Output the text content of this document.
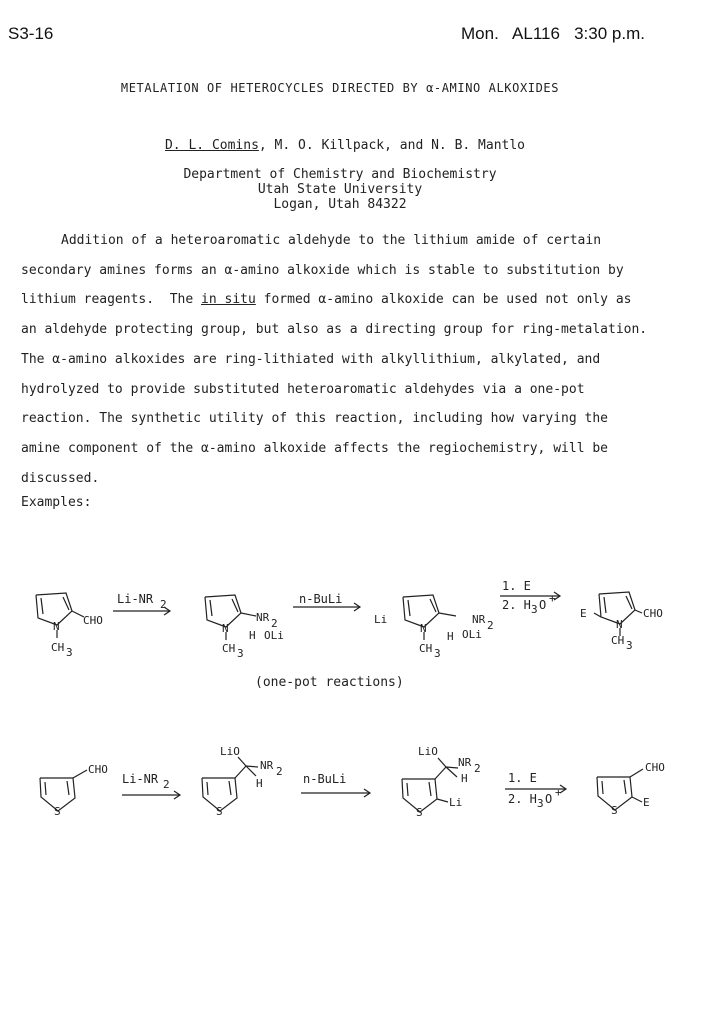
S3-16	Mon.   AL116   3:30 p.m.
METALATION OF HETEROCYCLES DIRECTED BY α-AMINO ALKOXIDES
D. L. Comins, M. O. Killpack, and N. B. Mantlo
Department of Chemistry and Biochemistry
Utah State University
Logan, Utah 84322
Addition of a heteroaromatic aldehyde to the lithium amide of certain
secondary amines forms an α-amino alkoxide which is stable to substitution by
lithium reagents.  The in situ formed α-amino alkoxide can be used not only as
an aldehyde protecting group, but also as a directing group for ring-metalation.
The α-amino alkoxides are ring-lithiated with alkyllithium, alkylated, and
hydrolyzed to provide substituted heteroaromatic aldehydes via a one-pot
reaction. The synthetic utility of this reaction, including how varying the
amine component of the α-amino alkoxide affects the regiochemistry, will be
discussed.
Examples:
CHO
N
CH 3
Li-NR 2
N
NR 2
H OLi
CH 3
n-BuLi
Li
N
NR 2
H OLi
CH 3
1. E
2. H 3 O +
E
N
CHO
CH 3
(one-pot reactions)
CHO
S
Li-NR 2
LiO
NR 2
H
S
n-BuLi
LiO
NR 2
H
Li
S
1. E
2. H 3 O +
CHO
S
E
